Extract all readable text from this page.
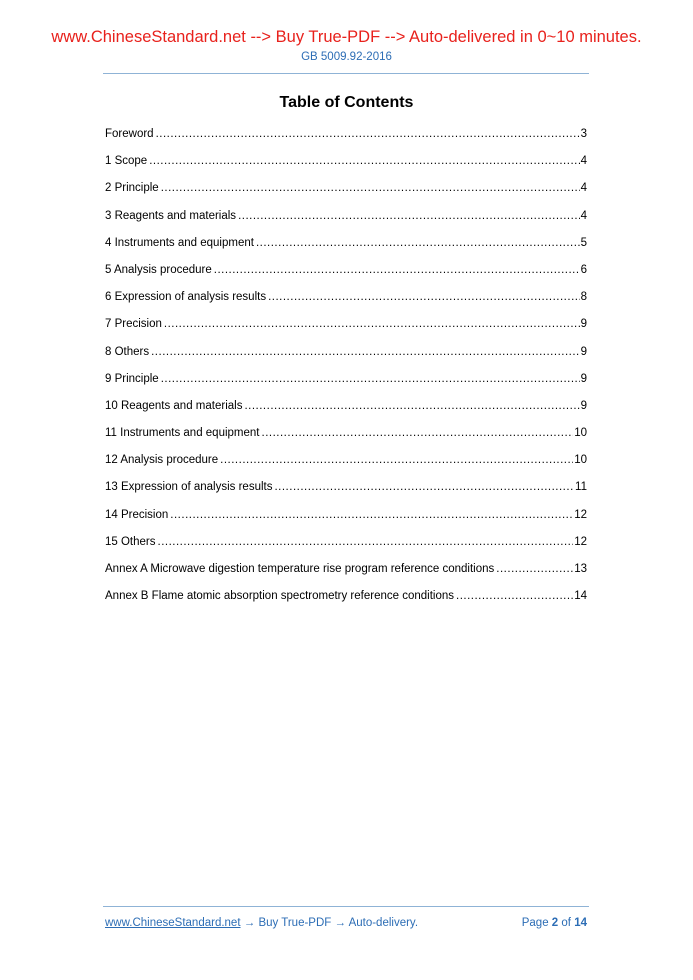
www.ChineseStandard.net --> Buy True-PDF --> Auto-delivered in 0~10 minutes.
GB 5009.92-2016
Table of Contents
Foreword .....	3
1 Scope .....	4
2 Principle .....	4
3 Reagents and materials .....	4
4 Instruments and equipment .....	5
5 Analysis procedure .....	6
6 Expression of analysis results .....	8
7 Precision .....	9
8 Others .....	9
9 Principle .....	9
10 Reagents and materials .....	9
11 Instruments and equipment .....	10
12 Analysis procedure .....	10
13 Expression of analysis results .....	11
14 Precision .....	12
15 Others .....	12
Annex A Microwave digestion temperature rise program reference conditions .....	13
Annex B Flame atomic absorption spectrometry reference conditions .....	14
www.ChineseStandard.net → Buy True-PDF → Auto-delivery.	Page 2 of 14
